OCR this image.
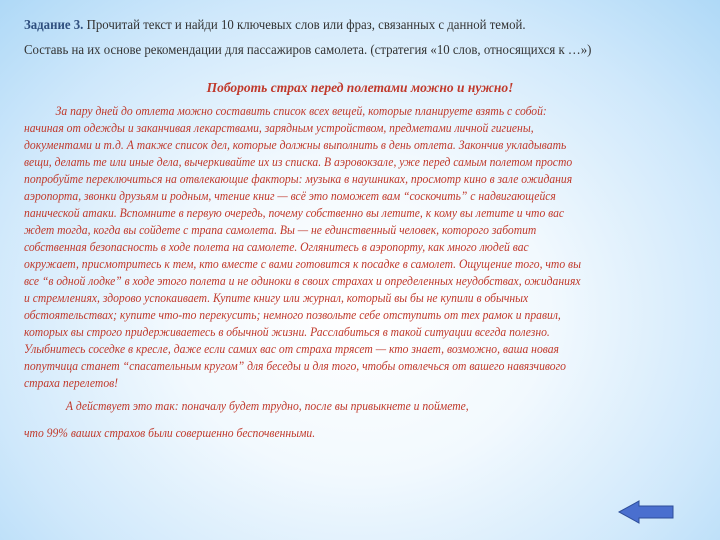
Задание 3. Прочитай текст и найди 10 ключевых слов или фраз, связанных с данной темой.

Составь на их основе рекомендации для пассажиров самолета. (стратегия «10 слов, относящихся к …»)

Побороть страх перед полетами можно и нужно!

За пару дней до отлета можно составить список всех вещей, которые планируете взять с собой:

начиная от одежды и заканчивая лекарствами, зарядным устройством, предметами личной гигиены,

документами и т.д. А также список дел, которые должны выполнить в день отлета. Закончив укладывать

вещи, делать те или иные дела, вычеркивайте их из списка. В аэровокзале, уже перед самым полетом просто

попробуйте переключиться на отвлекающие факторы: музыка в наушниках, просмотр кино в зале ожидания

аэропорта, звонки друзьям и родным, чтение книг — всё это поможет вам “соскочить” с надвигающейся

панической атаки. Вспомните в первую очередь, почему собственно вы летите, к кому вы летите и что вас

ждет тогда, когда вы сойдете с трапа самолета. Вы — не единственный человек, которого заботит

собственная безопасность в ходе полета на самолете. Оглянитесь в аэропорту, как много людей вас

окружает, присмотритесь к тем, кто вместе с вами готовится к посадке в самолет. Ощущение того, что вы

все “в одной лодке” в ходе этого полета и не одиноки в своих страхах и определенных неудобствах, ожиданиях

и стремлениях, здорово успокаивает. Купите книгу или журнал, который вы бы не купили в обычных

обстоятельствах; купите что-то перекусить; немного позвольте себе отступить от тех рамок и правил,

которых вы строго придерживаетесь в обычной жизни. Расслабиться в такой ситуации всегда полезно.

Улыбнитесь соседке в кресле, даже если самих вас от страха трясет — кто знает, возможно, ваша новая

попутчица станет “спасательным кругом” для беседы и для того, чтобы отвлечься от вашего навязчивого

страха перелетов!

А действует это так: поначалу будет трудно, после вы привыкнете и поймете,

что 99% ваших страхов были совершенно беспочвенными.
